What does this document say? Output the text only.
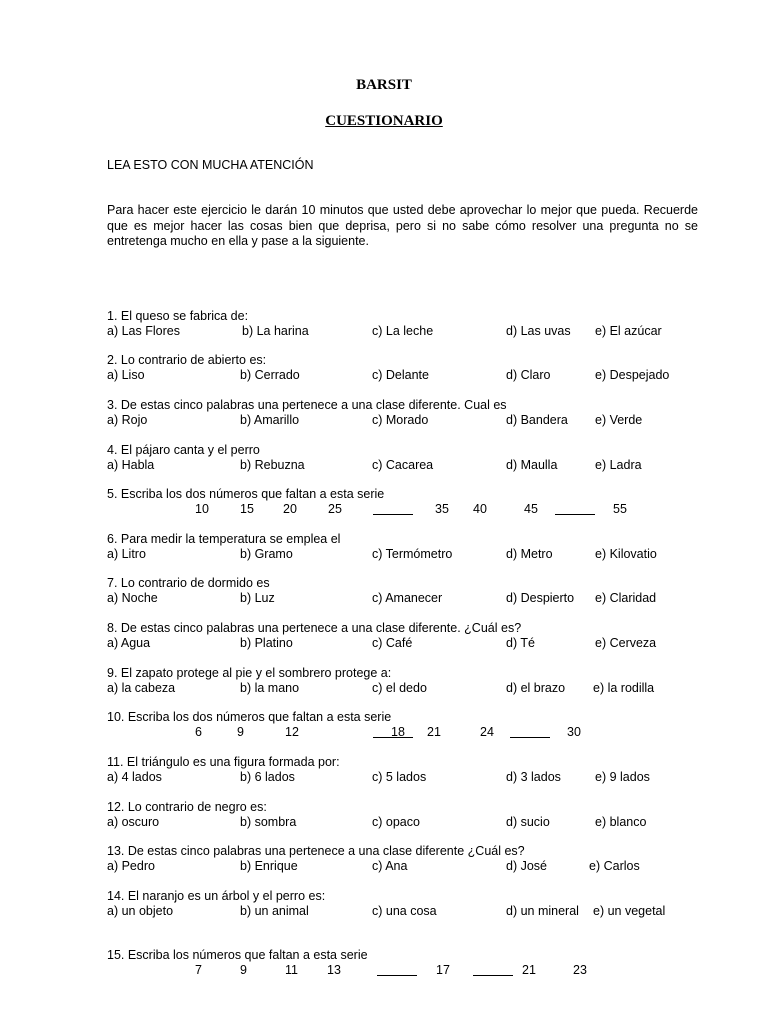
BARSIT
CUESTIONARIO
LEA ESTO CON MUCHA ATENCIÓN
Para hacer este ejercicio le darán 10 minutos que usted debe aprovechar lo mejor que pueda. Recuerde que es mejor hacer las cosas bien que deprisa, pero si no sabe cómo resolver una pregunta no se entretenga mucho en ella y pase a la siguiente.
1. El queso se fabrica de:
a) Las Flores	b) La harina	c) La leche	d) Las uvas e) El azúcar
2. Lo contrario de abierto es:
a) Liso	b) Cerrado	c) Delante	d) Claro	e) Despejado
3. De estas cinco palabras una pertenece a una clase diferente. Cual es
a) Rojo	b) Amarillo	c) Morado	d) Bandera e) Verde
4. El pájaro canta y el perro
a) Habla	b) Rebuzna	c) Cacarea	d) Maulla	e) Ladra
5. Escriba los dos números que faltan a esta serie
10 15 20 25	35 40	45	55
6. Para medir la temperatura se emplea el
a) Litro	b) Gramo	c) Termómetro	d) Metro	e) Kilovatio
7. Lo contrario de dormido es
a) Noche	b) Luz	c) Amanecer	d) Despierto e) Claridad
8. De estas cinco palabras una pertenece a una clase diferente. ¿Cuál es?
a) Agua	b) Platino	c) Café	d) Té	e) Cerveza
9. El zapato protege al pie y el sombrero protege a:
a) la cabeza	b) la mano	c) el dedo	d) el brazo e) la rodilla
10. Escriba los dos números que faltan a esta serie
6	9	12	18 21	24	30
11. El triángulo es una figura formada por:
a) 4 lados	b) 6 lados	c) 5 lados	d) 3 lados	e) 9 lados
12. Lo contrario de negro es:
a) oscuro	b) sombra	c) opaco	d) sucio	e) blanco
13. De estas cinco palabras una pertenece a una clase diferente ¿Cuál es?
a) Pedro	b) Enrique	c) Ana	d) José	e) Carlos
14. El naranjo es un árbol y el perro es:
a) un objeto	b) un animal	c) una cosa	d) un mineral e) un vegetal
15. Escriba los números que faltan a esta serie
7	9	11 13	17	21	23
